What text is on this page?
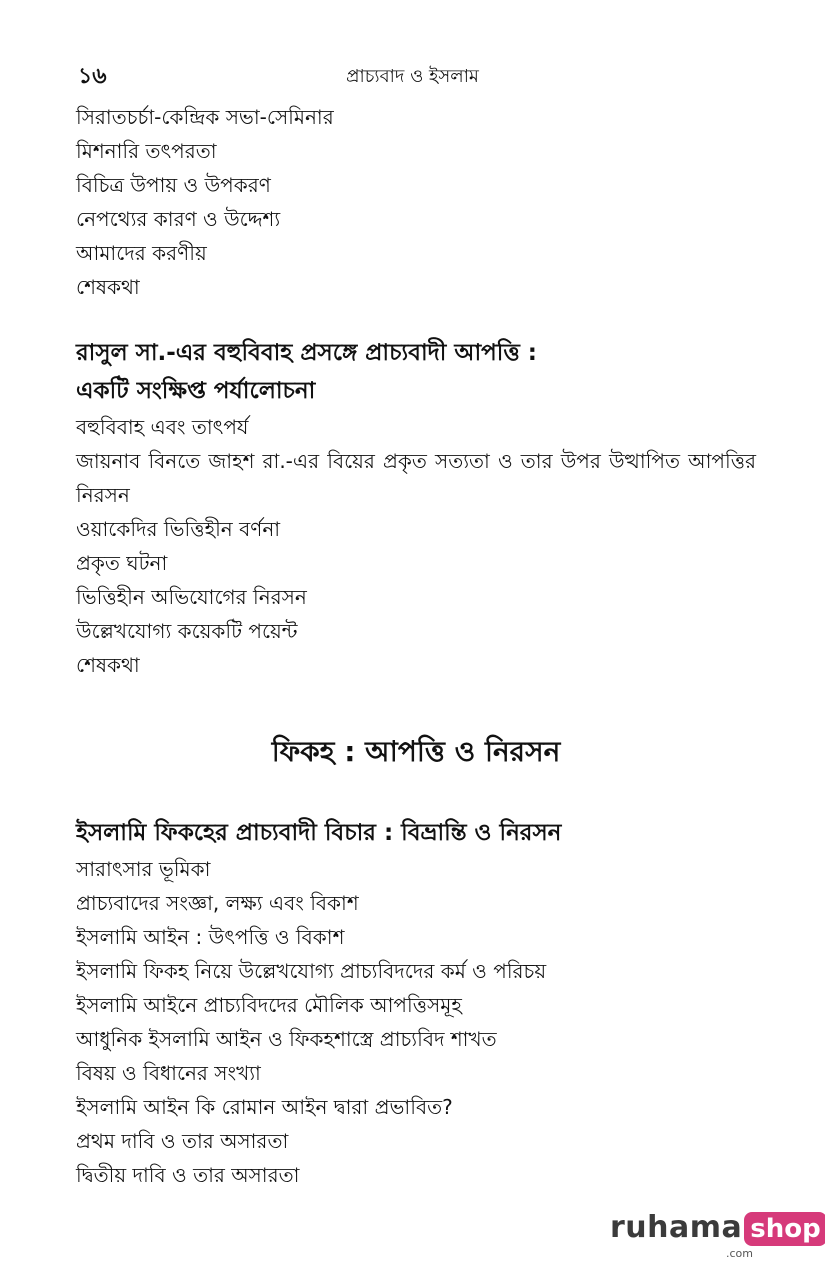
১৬	প্রাচ্যবাদ ও ইসলাম
সিরাতচর্চা-কেন্দ্রিক সভা-সেমিনার
মিশনারি তৎপরতা
বিচিত্র উপায় ও উপকরণ
নেপথ্যের কারণ ও উদ্দেশ্য
আমাদের করণীয়
শেষকথা
রাসুল সা.-এর বহুবিবাহ প্রসঙ্গে প্রাচ্যবাদী আপত্তি :
একটি সংক্ষিপ্ত পর্যালোচনা
বহুবিবাহ এবং তাৎপর্য
জায়নাব বিনতে জাহশ রা.-এর বিয়ের প্রকৃত সত্যতা ও তার উপর উত্থাপিত আপত্তির নিরসন
ওয়াকেদির ভিত্তিহীন বর্ণনা
প্রকৃত ঘটনা
ভিত্তিহীন অভিযোগের নিরসন
উল্লেখযোগ্য কয়েকটি পয়েন্ট
শেষকথা
ফিকহ : আপত্তি ও নিরসন
ইসলামি ফিকহের প্রাচ্যবাদী বিচার : বিভ্রান্তি ও নিরসন
সারাৎসার ভূমিকা
প্রাচ্যবাদের সংজ্ঞা, লক্ষ্য এবং বিকাশ
ইসলামি আইন : উৎপত্তি ও বিকাশ
ইসলামি ফিকহ নিয়ে উল্লেখযোগ্য প্রাচ্যবিদদের কর্ম ও পরিচয়
ইসলামি আইনে প্রাচ্যবিদদের মৌলিক আপত্তিসমূহ
আধুনিক ইসলামি আইন ও ফিকহশাস্ত্রে প্রাচ্যবিদ শাখত
বিষয় ও বিধানের সংখ্যা
ইসলামি আইন কি রোমান আইন দ্বারা প্রভাবিত?
প্রথম দাবি ও তার অসারতা
দ্বিতীয় দাবি ও তার অসারতা
ruhama shop
.com
